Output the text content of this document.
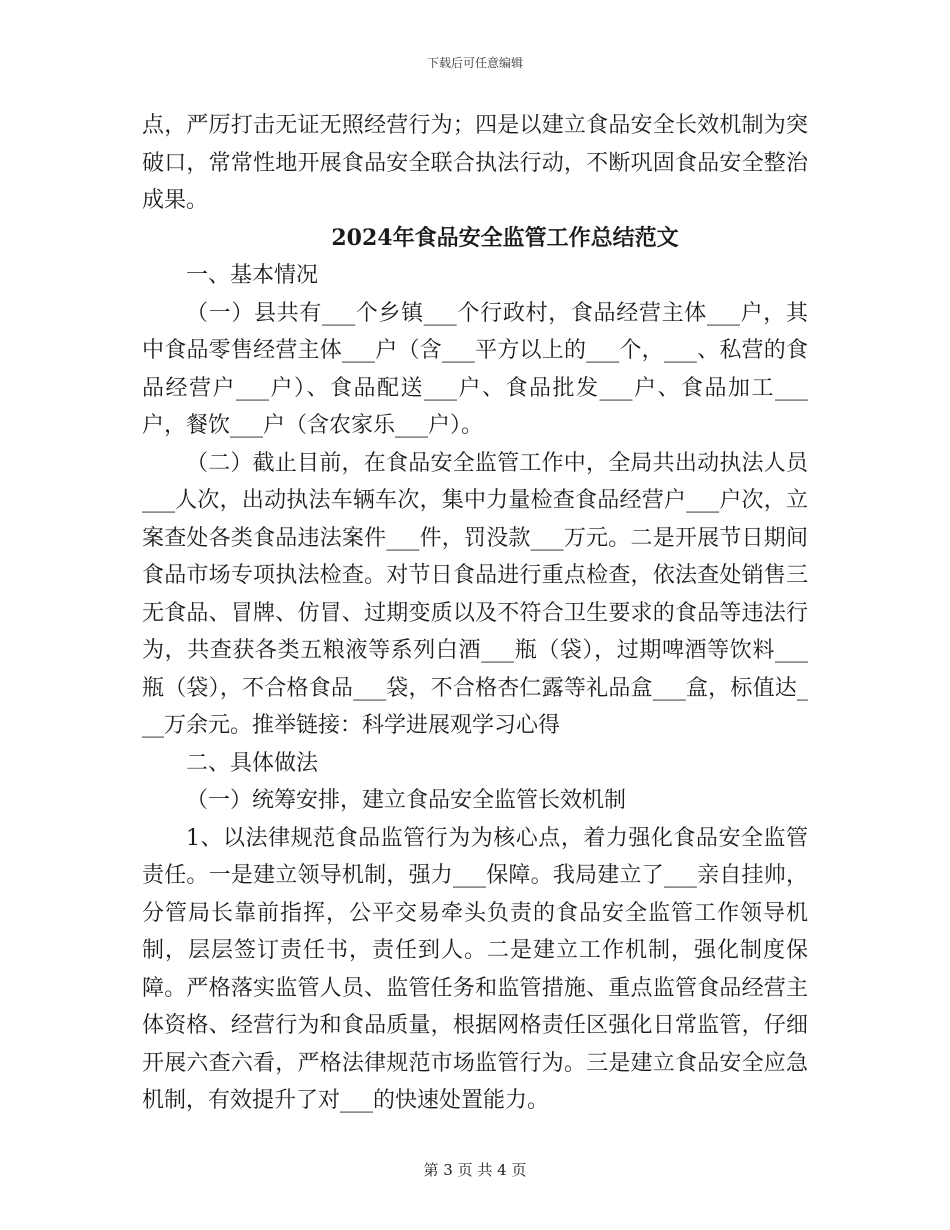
下载后可任意编辑

点，严厉打击无证无照经营行为；四是以建立食品安全长效机制为突破口，常常性地开展食品安全联合执法行动，不断巩固食品安全整治成果。

2024年食品安全监管工作总结范文

一、基本情况

（一）县共有___个乡镇___个行政村，食品经营主体___户，其中食品零售经营主体___户（含___平方以上的___个，___、私营的食品经营户___户）、食品配送___户、食品批发___户、食品加工___户，餐饮___户（含农家乐___户）。

（二）截止目前，在食品安全监管工作中，全局共出动执法人员___人次，出动执法车辆车次，集中力量检查食品经营户___户次，立案查处各类食品违法案件___件，罚没款___万元。二是开展节日期间食品市场专项执法检查。对节日食品进行重点检查，依法查处销售三无食品、冒牌、仿冒、过期变质以及不符合卫生要求的食品等违法行为，共查获各类五粮液等系列白酒___瓶（袋），过期啤酒等饮料___瓶（袋），不合格食品___袋，不合格杏仁露等礼品盒___盒，标值达___万余元。推举链接：科学进展观学习心得

二、具体做法

（一）统筹安排，建立食品安全监管长效机制

1、以法律规范食品监管行为为核心点，着力强化食品安全监管责任。一是建立领导机制，强力___保障。我局建立了___亲自挂帅，分管局长靠前指挥，公平交易牵头负责的食品安全监管工作领导机制，层层签订责任书，责任到人。二是建立工作机制，强化制度保障。严格落实监管人员、监管任务和监管措施、重点监管食品经营主体资格、经营行为和食品质量，根据网格责任区强化日常监管，仔细开展六查六看，严格法律规范市场监管行为。三是建立食品安全应急机制，有效提升了对___的快速处置能力。

第 3 页 共 4 页
